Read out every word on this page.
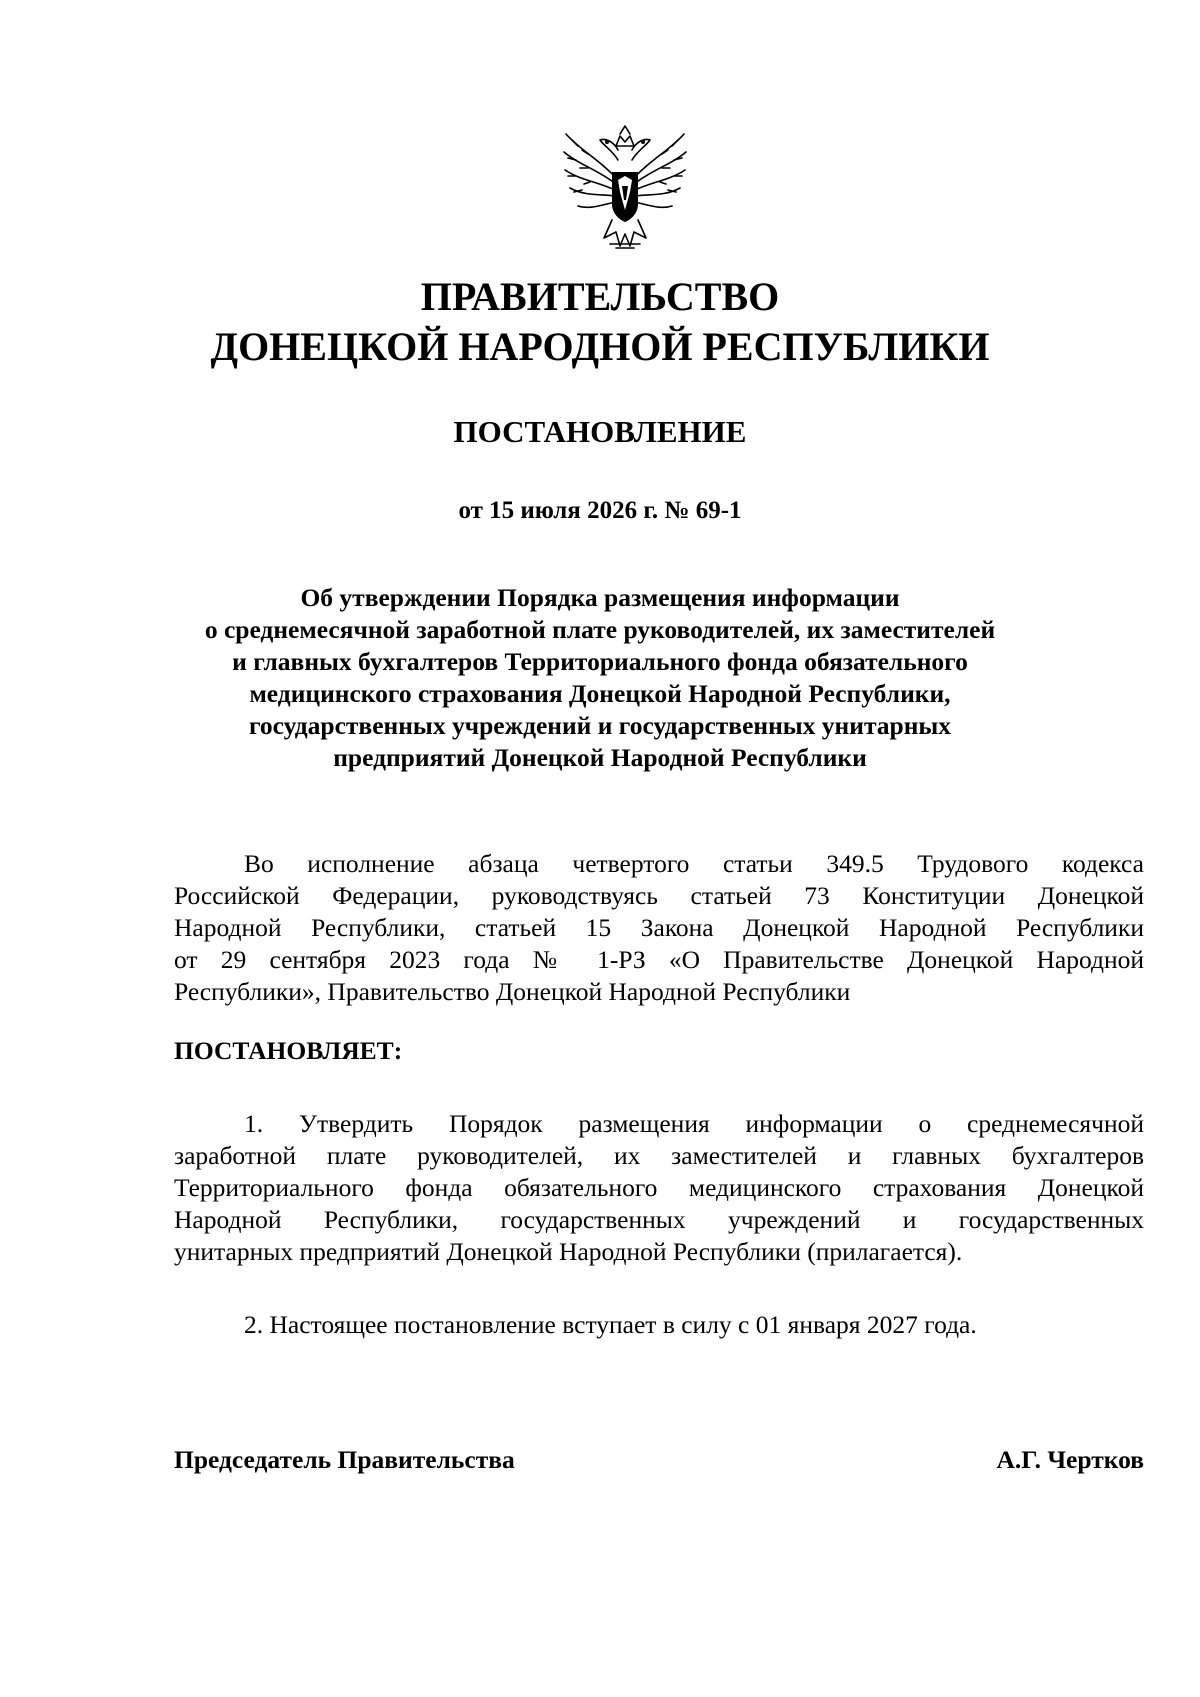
ПРАВИТЕЛЬСТВО
ДОНЕЦКОЙ НАРОДНОЙ РЕСПУБЛИКИ
ПОСТАНОВЛЕНИЕ
от 15 июля 2026 г. № 69-1
Об утверждении Порядка размещения информации
о среднемесячной заработной плате руководителей, их заместителей
и главных бухгалтеров Территориального фонда обязательного
медицинского страхования Донецкой Народной Республики,
государственных учреждений и государственных унитарных
предприятий Донецкой Народной Республики
Во исполнение абзаца четвертого статьи 349.5 Трудового кодекса
Российской Федерации, руководствуясь статьей 73 Конституции Донецкой
Народной Республики, статьей 15 Закона Донецкой Народной Республики
от 29 сентября 2023 года № 1-РЗ «О Правительстве Донецкой Народной
Республики», Правительство Донецкой Народной Республики
ПОСТАНОВЛЯЕТ:
1. Утвердить Порядок размещения информации о среднемесячной
заработной плате руководителей, их заместителей и главных бухгалтеров
Территориального фонда обязательного медицинского страхования Донецкой
Народной Республики, государственных учреждений и государственных
унитарных предприятий Донецкой Народной Республики (прилагается).
2. Настоящее постановление вступает в силу с 01 января 2027 года.
Председатель Правительства	А.Г. Чертков
